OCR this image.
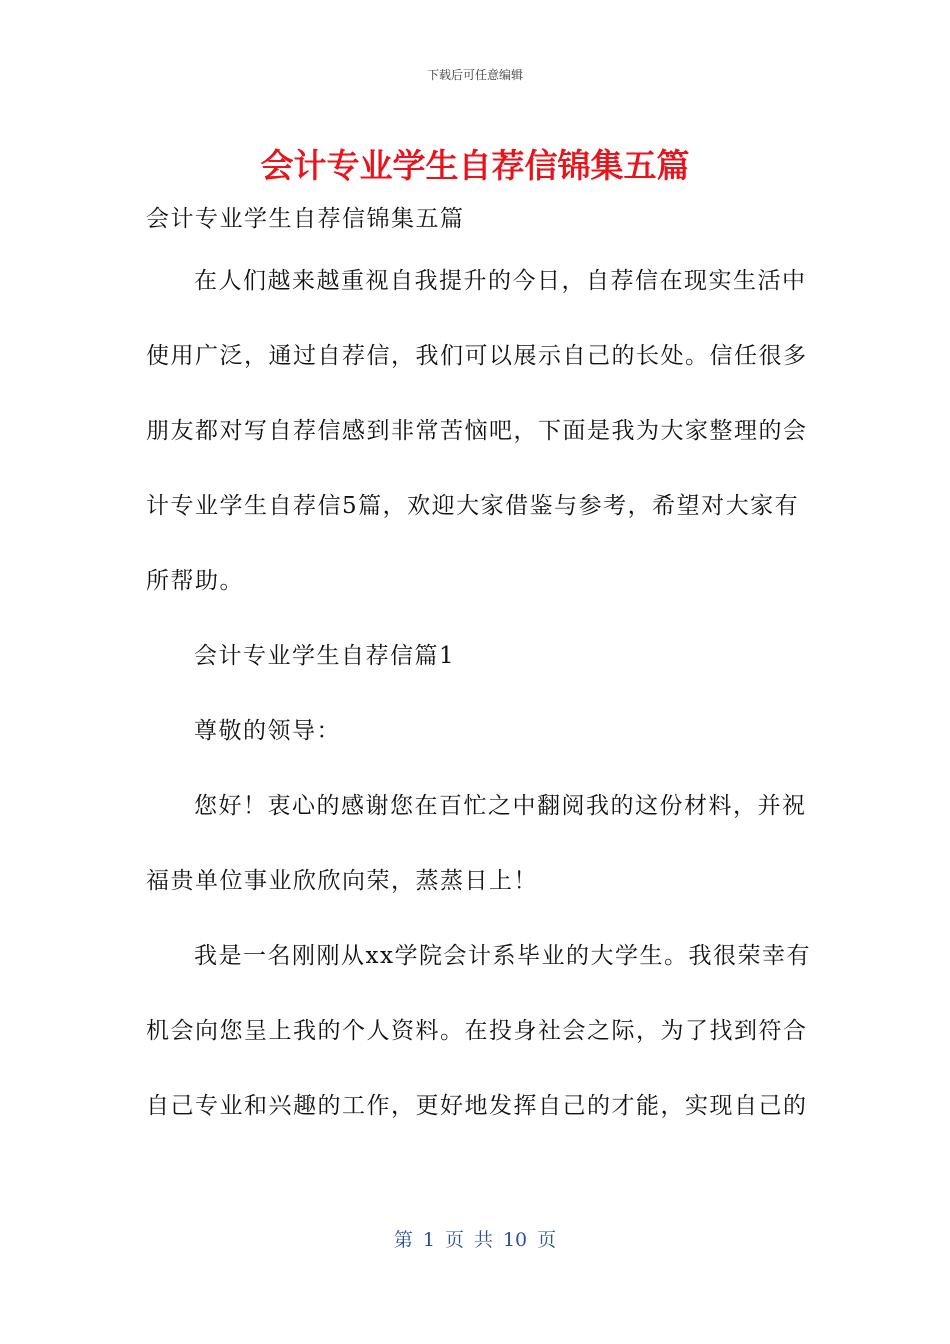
下载后可任意编辑
会计专业学生自荐信锦集五篇
会计专业学生自荐信锦集五篇
在人们越来越重视自我提升的今日，自荐信在现实生活中
使用广泛，通过自荐信，我们可以展示自己的长处。信任很多
朋友都对写自荐信感到非常苦恼吧，下面是我为大家整理的会
计专业学生自荐信5篇，欢迎大家借鉴与参考，希望对大家有
所帮助。
会计专业学生自荐信篇1
尊敬的领导：
您好！衷心的感谢您在百忙之中翻阅我的这份材料，并祝
福贵单位事业欣欣向荣，蒸蒸日上！
我是一名刚刚从xx学院会计系毕业的大学生。我很荣幸有
机会向您呈上我的个人资料。在投身社会之际，为了找到符合
自己专业和兴趣的工作，更好地发挥自己的才能，实现自己的
第 1 页 共 10 页
